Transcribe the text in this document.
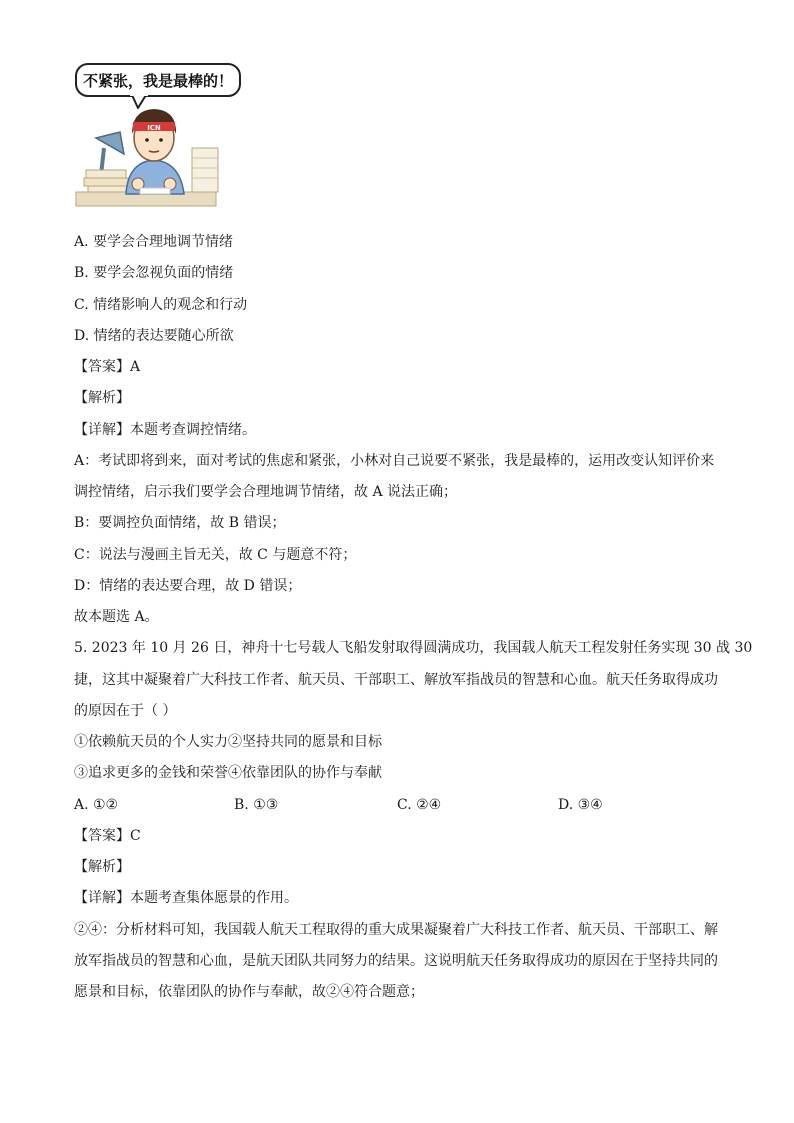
不紧张，我是最棒的！
ICN
A. 要学会合理地调节情绪
B. 要学会忽视负面的情绪
C. 情绪影响人的观念和行动
D. 情绪的表达要随心所欲
【答案】A
【解析】
【详解】本题考查调控情绪。
A：考试即将到来，面对考试的焦虑和紧张，小林对自己说要不紧张，我是最棒的，运用改变认知评价来
调控情绪，启示我们要学会合理地调节情绪，故 A 说法正确；
B：要调控负面情绪，故 B 错误；
C：说法与漫画主旨无关，故 C 与题意不符；
D：情绪的表达要合理，故 D 错误；
故本题选 A。
5. 2023 年 10 月 26 日，神舟十七号载人飞船发射取得圆满成功，我国载人航天工程发射任务实现 30 战 30
捷，这其中凝聚着广大科技工作者、航天员、干部职工、解放军指战员的智慧和心血。航天任务取得成功
的原因在于（ ）
①依赖航天员的个人实力②坚持共同的愿景和目标
③追求更多的金钱和荣誉④依靠团队的协作与奉献
A. ①②	B. ①③	C. ②④	D. ③④
【答案】C
【解析】
【详解】本题考查集体愿景的作用。
②④：分析材料可知，我国载人航天工程取得的重大成果凝聚着广大科技工作者、航天员、干部职工、解
放军指战员的智慧和心血，是航天团队共同努力的结果。这说明航天任务取得成功的原因在于坚持共同的
愿景和目标，依靠团队的协作与奉献，故②④符合题意；
